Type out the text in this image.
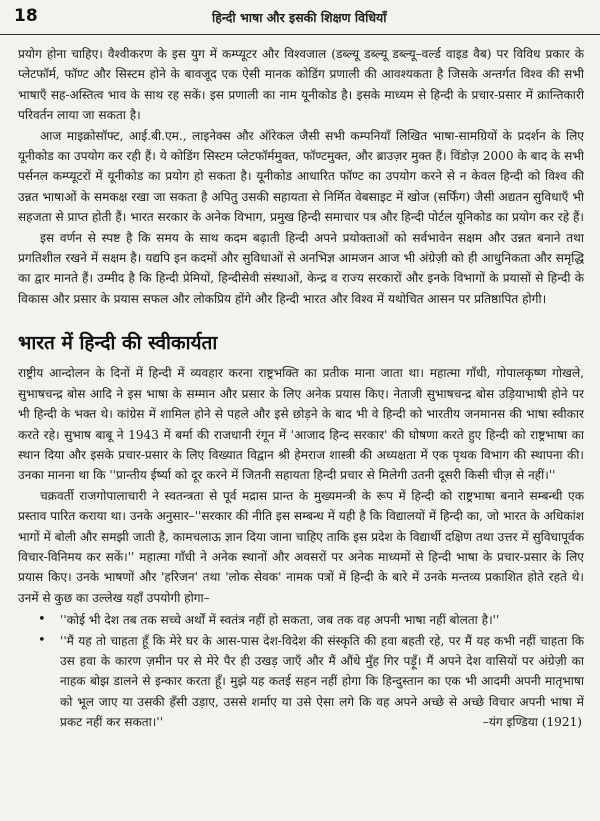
18	हिन्दी भाषा और इसकी शिक्षण विधियाँ

प्रयोग होना चाहिए। वैश्वीकरण के इस युग में कम्प्यूटर और विश्वजाल (डब्ल्यू डब्ल्यू डब्ल्यू–वर्ल्ड वाइड वैब) पर विविध प्रकार के प्लेटफॉर्म, फॉण्ट और सिस्टम होने के बावजूद एक ऐसी मानक कोडिंग प्रणाली की आवश्यकता है जिसके अन्तर्गत विश्व की सभी भाषाएँ सह-अस्तित्व भाव के साथ रह सकें। इस प्रणाली का नाम यूनीकोड है। इसके माध्यम से हिन्दी के प्रचार-प्रसार में क्रान्तिकारी परिवर्तन लाया जा सकता है।

आज माइक्रोसॉफ्ट, आई.बी.एम., लाइनेक्स और ऑरेकल जैसी सभी कम्पनियाँ लिखित भाषा-सामग्रियों के प्रदर्शन के लिए यूनीकोड का उपयोग कर रही हैं। ये कोडिंग सिस्टम प्लेटफॉर्ममुक्त, फॉण्टमुक्त, और ब्राउज़र मुक्त हैं। विंडोज़ 2000 के बाद के सभी पर्सनल कम्प्यूटरों में यूनीकोड का प्रयोग हो सकता है। यूनीकोड आधारित फॉण्ट का उपयोग करने से न केवल हिन्दी को विश्व की उन्नत भाषाओं के समकक्ष रखा जा सकता है अपितु उसकी सहायता से निर्मित वेबसाइट में खोज (सर्फिंग) जैसी अद्यतन सुविधाएँ भी सहजता से प्राप्त होती हैं। भारत सरकार के अनेक विभाग, प्रमुख हिन्दी समाचार पत्र और हिन्दी पोर्टल यूनिकोड का प्रयोग कर रहे हैं।

इस वर्णन से स्पष्ट है कि समय के साथ कदम बढ़ाती हिन्दी अपने प्रयोक्ताओं को सर्वभावेन सक्षम और उन्नत बनाने तथा प्रगतिशील रखने में सक्षम है। यद्यपि इन कदमों और सुविधाओं से अनभिज्ञ आमजन आज भी अंग्रेज़ी को ही आधुनिकता और समृद्धि का द्वार मानते हैं। उम्मीद है कि हिन्दी प्रेमियों, हिन्दीसेवी संस्थाओं, केन्द्र व राज्य सरकारों और इनके विभागों के प्रयासों से हिन्दी के विकास और प्रसार के प्रयास सफल और लोकप्रिय होंगे और हिन्दी भारत और विश्व में यथोचित आसन पर प्रतिष्ठापित होगी।

भारत में हिन्दी की स्वीकार्यता

राष्ट्रीय आन्दोलन के दिनों में हिन्दी में व्यवहार करना राष्ट्रभक्ति का प्रतीक माना जाता था। महात्मा गाँधी, गोपालकृष्ण गोखले, सुभाषचन्द्र बोस आदि ने इस भाषा के सम्मान और प्रसार के लिए अनेक प्रयास किए। नेताजी सुभाषचन्द्र बोस उड़ियाभाषी होने पर भी हिन्दी के भक्त थे। कांग्रेस में शामिल होने से पहले और इसे छोड़ने के बाद भी वे हिन्दी को भारतीय जनमानस की भाषा स्वीकार करते रहे। सुभाष बाबू ने 1943 में बर्मा की राजधानी रंगून में 'आजाद हिन्द सरकार' की घोषणा करते हुए हिन्दी को राष्ट्रभाषा का स्थान दिया और इसके प्रचार-प्रसार के लिए विख्यात विद्वान श्री हेमराज शास्त्री की अध्यक्षता में एक पृथक विभाग की स्थापना की। उनका मानना था कि ''प्रान्तीय ईर्ष्या को दूर करने में जितनी सहायता हिन्दी प्रचार से मिलेगी उतनी दूसरी किसी चीज़ से नहीं।''

चक्रवर्ती राजगोपालाचारी ने स्वतन्त्रता से पूर्व मद्रास प्रान्त के मुख्यमन्त्री के रूप में हिन्दी को राष्ट्रभाषा बनाने सम्बन्धी एक प्रस्ताव पारित कराया था। उनके अनुसार–''सरकार की नीति इस सम्बन्ध में यही है कि विद्यालयों में हिन्दी का, जो भारत के अधिकांश भागों में बोली और समझी जाती है, कामचलाऊ ज्ञान दिया जाना चाहिए ताकि इस प्रदेश के विद्यार्थी दक्षिण तथा उत्तर में सुविधापूर्वक विचार-विनिमय कर सकें।'' महात्मा गाँधी ने अनेक स्थानों और अवसरों पर अनेक माध्यमों से हिन्दी भाषा के प्रचार-प्रसार के लिए प्रयास किए। उनके भाषणों और 'हरिजन' तथा 'लोक सेवक' नामक पत्रों में हिन्दी के बारे में उनके मन्तव्य प्रकाशित होते रहते थे। उनमें से कुछ का उल्लेख यहाँ उपयोगी होगा–

• ''कोई भी देश तब तक सच्चे अर्थों में स्वतंत्र नहीं हो सकता, जब तक वह अपनी भाषा नहीं बोलता है।''
• ''मैं यह तो चाहता हूँ कि मेरे घर के आस-पास देश-विदेश की संस्कृति की हवा बहती रहे, पर मैं यह कभी नहीं चाहता कि उस हवा के कारण ज़मीन पर से मेरे पैर ही उखड़ जाएँ और मैं औंधे मुँह गिर पड़ूँ। मैं अपने देश वासियों पर अंग्रेज़ी का नाहक बोझ डालने से इन्कार करता हूँ। मुझे यह कतई सहन नहीं होगा कि हिन्दुस्तान का एक भी आदमी अपनी मातृभाषा को भूल जाए या उसकी हँसी उड़ाए, उससे शर्माए या उसे ऐसा लगे कि वह अपने अच्छे से अच्छे विचार अपनी भाषा में प्रकट नहीं कर सकता।''	–यंग इण्डिया (1921)
